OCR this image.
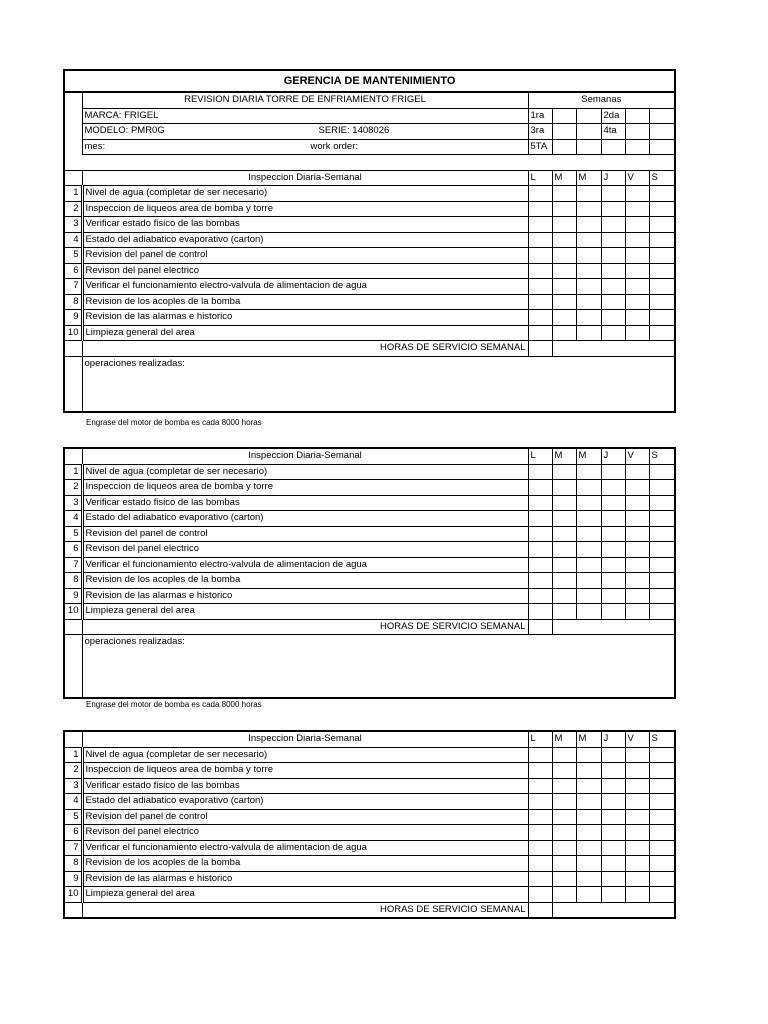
GERENCIA DE MANTENIMIENTO							
	REVISION DIARIA TORRE DE ENFRIAMIENTO FRIGEL	Semanas					
	MARCA: FRIGEL	1ra			2da		
	MODELO: PMR0G SERIE: 1408026	3ra			4ta		
	mes: work order:	5TA					

	Inspeccion Diaria-Semanal	L	M	M	J	V	S
1	Nivel de agua (completar de ser necesario)						
2	Inspeccion de liqueos area de bomba y torre						
3	Verificar estado fisico de las bombas						
4	Estado del adiabatico evaporativo (carton)						
5	Revision del panel de control						
6	Revison del panel electrico						
7	Verificar el funcionamiento electro-valvula de alimentacion de agua						
8	Revision de los acoples de la bomba						
9	Revision de las alarmas e historico						
10	Limpieza general del area						
	HORAS DE SERVICIO SEMANAL						
	operaciones realizadas:						
Engrase del motor de bomba es cada 8000 horas
	Inspeccion Diaria-Semanal	L	M	M	J	V	S
1	Nivel de agua (completar de ser necesario)						
2	Inspeccion de liqueos area de bomba y torre						
3	Verificar estado fisico de las bombas						
4	Estado del adiabatico evaporativo (carton)						
5	Revision del panel de control						
6	Revison del panel electrico						
7	Verificar el funcionamiento electro-valvula de alimentacion de agua						
8	Revision de los acoples de la bomba						
9	Revision de las alarmas e historico						
10	Limpieza general del area						
	HORAS DE SERVICIO SEMANAL						
	operaciones realizadas:						
Engrase del motor de bomba es cada 8000 horas
	Inspeccion Diaria-Semanal	L	M	M	J	V	S
1	Nivel de agua (completar de ser necesario)						
2	Inspeccion de liqueos area de bomba y torre						
3	Verificar estado fisico de las bombas						
4	Estado del adiabatico evaporativo (carton)						
5	Revision del panel de control						
6	Revison del panel electrico						
7	Verificar el funcionamiento electro-valvula de alimentacion de agua						
8	Revision de los acoples de la bomba						
9	Revision de las alarmas e historico						
10	Limpieza general del area						
	HORAS DE SERVICIO SEMANAL						
